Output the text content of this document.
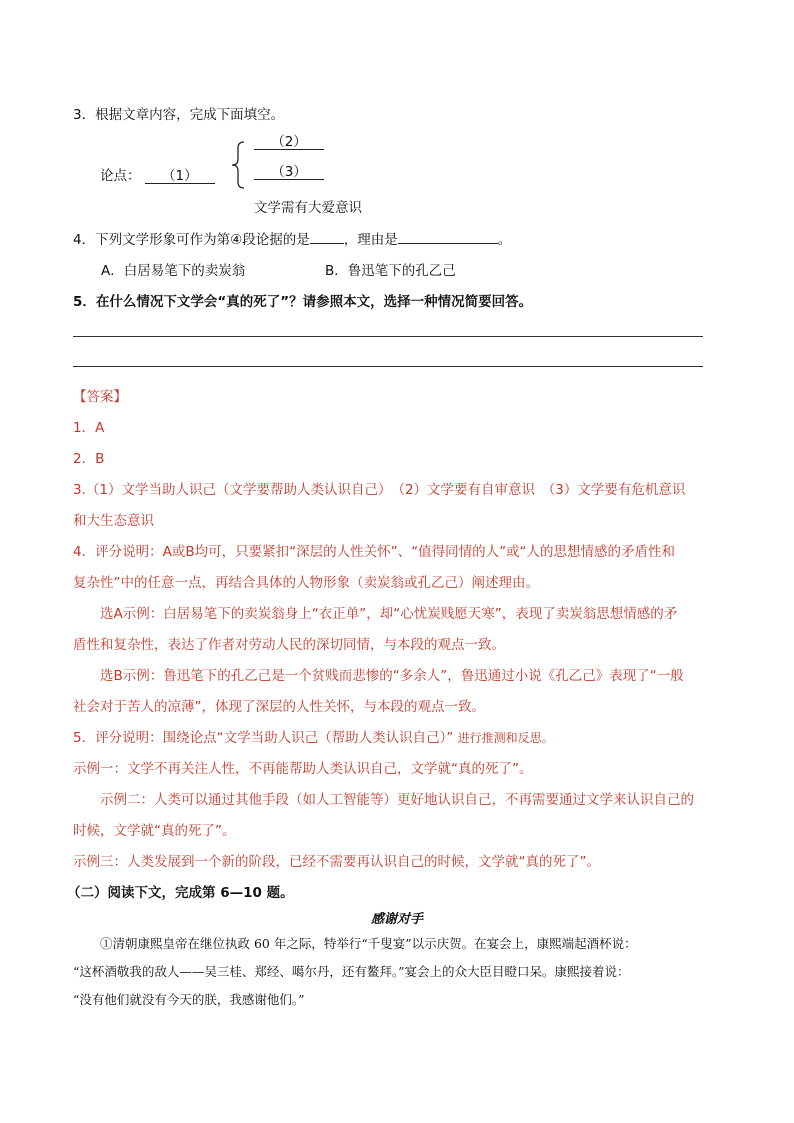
3．根据文章内容，完成下面填空。
（2）
（3）
论点： （1）
文学需有大爱意识
4．下列文学形象可作为第④段论据的是	，理由是	。
A．白居易笔下的卖炭翁	B．鲁迅笔下的孔乙己
5．在什么情况下文学会“真的死了”？请参照本文，选择一种情况简要回答。
【答案】
1．A
2．B
3.（1）文学当助人识己（文学要帮助人类认识自己）　（2）文学要有自审意识　（3）文学要有危机意识
和大生态意识
4．评分说明：A或B均可，只要紧扣“深层的人性关怀”、“值得同情的人”或“人的思想情感的矛盾性和
复杂性”中的任意一点，再结合具体的人物形象（卖炭翁或孔乙己）阐述理由。
选A示例：白居易笔下的卖炭翁身上“衣正单”，却“心忧炭贱愿天寒”，表现了卖炭翁思想情感的矛
盾性和复杂性，表达了作者对劳动人民的深切同情，与本段的观点一致。
选B示例：鲁迅笔下的孔乙己是一个贫贱而悲惨的“多余人”，鲁迅通过小说《孔乙己》表现了“一般
社会对于苦人的凉薄”，体现了深层的人性关怀，与本段的观点一致。
5．评分说明：围绕论点“文学当助人识己（帮助人类认识自己）” 进行推测和反思。
示例一：文学不再关注人性，不再能帮助人类认识自己，文学就“真的死了”。
示例二：人类可以通过其他手段（如人工智能等）更好地认识自己，不再需要通过文学来认识自己的
时候，文学就“真的死了”。
示例三：人类发展到一个新的阶段，已经不需要再认识自己的时候，文学就“真的死了”。
（二）阅读下文，完成第 6—10 题。
感谢对手
①清朝康熙皇帝在继位执政 60 年之际，特举行“千叟宴”以示庆贺。在宴会上，康熙端起酒杯说：
“这杯酒敬我的敌人——吴三桂、郑经、噶尔丹，还有鳌拜。”宴会上的众大臣目瞪口呆。康熙接着说：
“没有他们就没有今天的朕，我感谢他们。”
